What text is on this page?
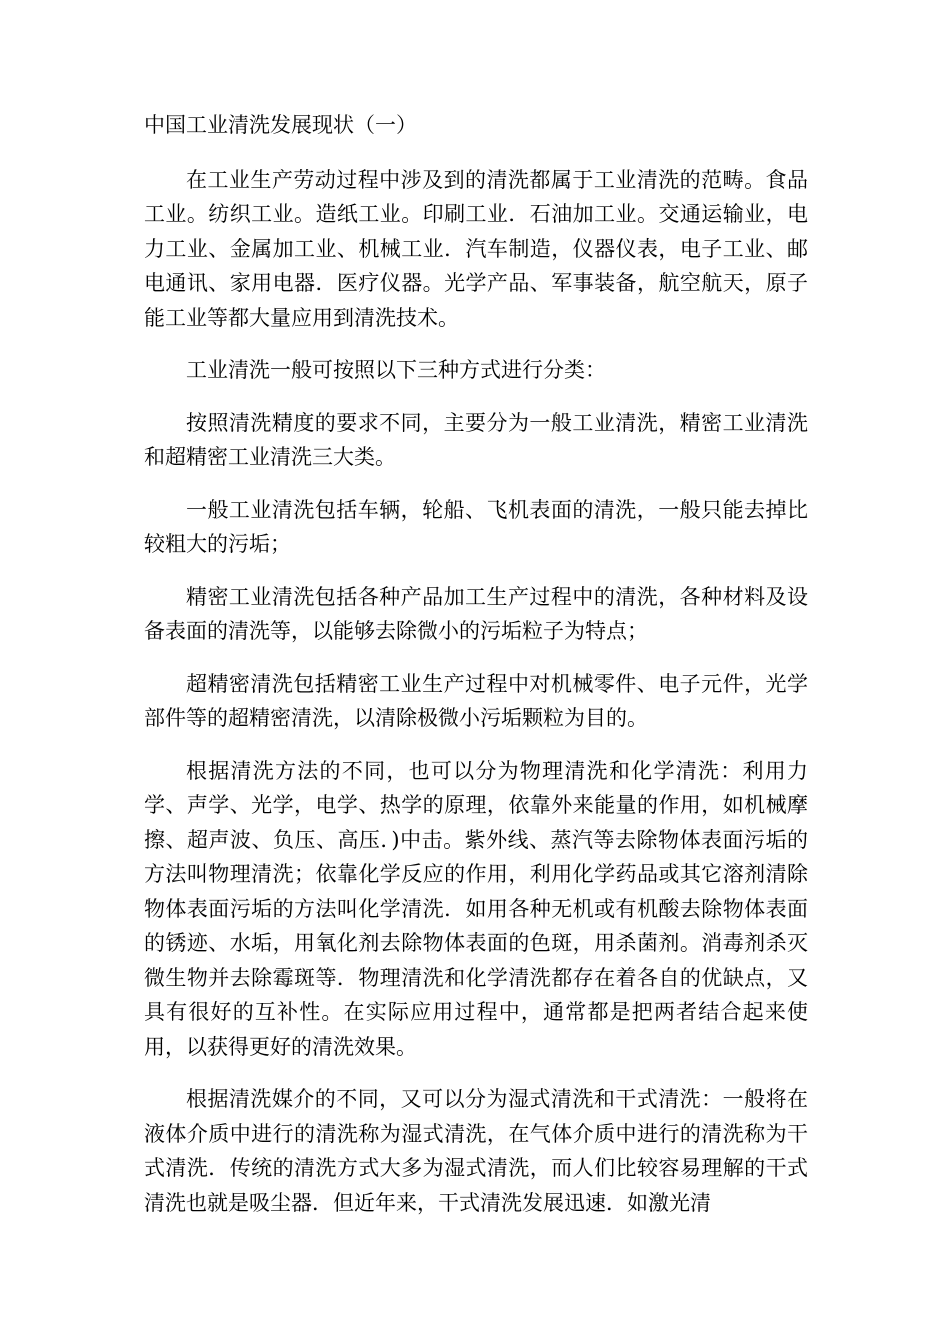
中国工业清洗发展现状（一）

在工业生产劳动过程中涉及到的清洗都属于工业清洗的范畴。食品工业。纺织工业。造纸工业。印刷工业．石油加工业。交通运输业，电力工业、金属加工业、机械工业．汽车制造，仪器仪表，电子工业、邮电通讯、家用电器．医疗仪器。光学产品、军事装备，航空航天，原子能工业等都大量应用到清洗技术。

工业清洗一般可按照以下三种方式进行分类：

按照清洗精度的要求不同，主要分为一般工业清洗，精密工业清洗和超精密工业清洗三大类。

一般工业清洗包括车辆，轮船、飞机表面的清洗，一般只能去掉比较粗大的污垢；

精密工业清洗包括各种产品加工生产过程中的清洗，各种材料及设备表面的清洗等，以能够去除微小的污垢粒子为特点；

超精密清洗包括精密工业生产过程中对机械零件、电子元件，光学部件等的超精密清洗，以清除极微小污垢颗粒为目的。

根据清洗方法的不同，也可以分为物理清洗和化学清洗：利用力学、声学、光学，电学、热学的原理，依靠外来能量的作用，如机械摩擦、超声波、负压、高压．)中击。紫外线、蒸汽等去除物体表面污垢的方法叫物理清洗；依靠化学反应的作用，利用化学药品或其它溶剂清除物体表面污垢的方法叫化学清洗．如用各种无机或有机酸去除物体表面的锈迹、水垢，用氧化剂去除物体表面的色斑，用杀菌剂。消毒剂杀灭微生物并去除霉斑等．物理清洗和化学清洗都存在着各自的优缺点，又具有很好的互补性。在实际应用过程中，通常都是把两者结合起来使用，以获得更好的清洗效果。

根据清洗媒介的不同，又可以分为湿式清洗和干式清洗：一般将在液体介质中进行的清洗称为湿式清洗，在气体介质中进行的清洗称为干式清洗．传统的清洗方式大多为湿式清洗，而人们比较容易理解的干式清洗也就是吸尘器．但近年来，干式清洗发展迅速．如激光清
